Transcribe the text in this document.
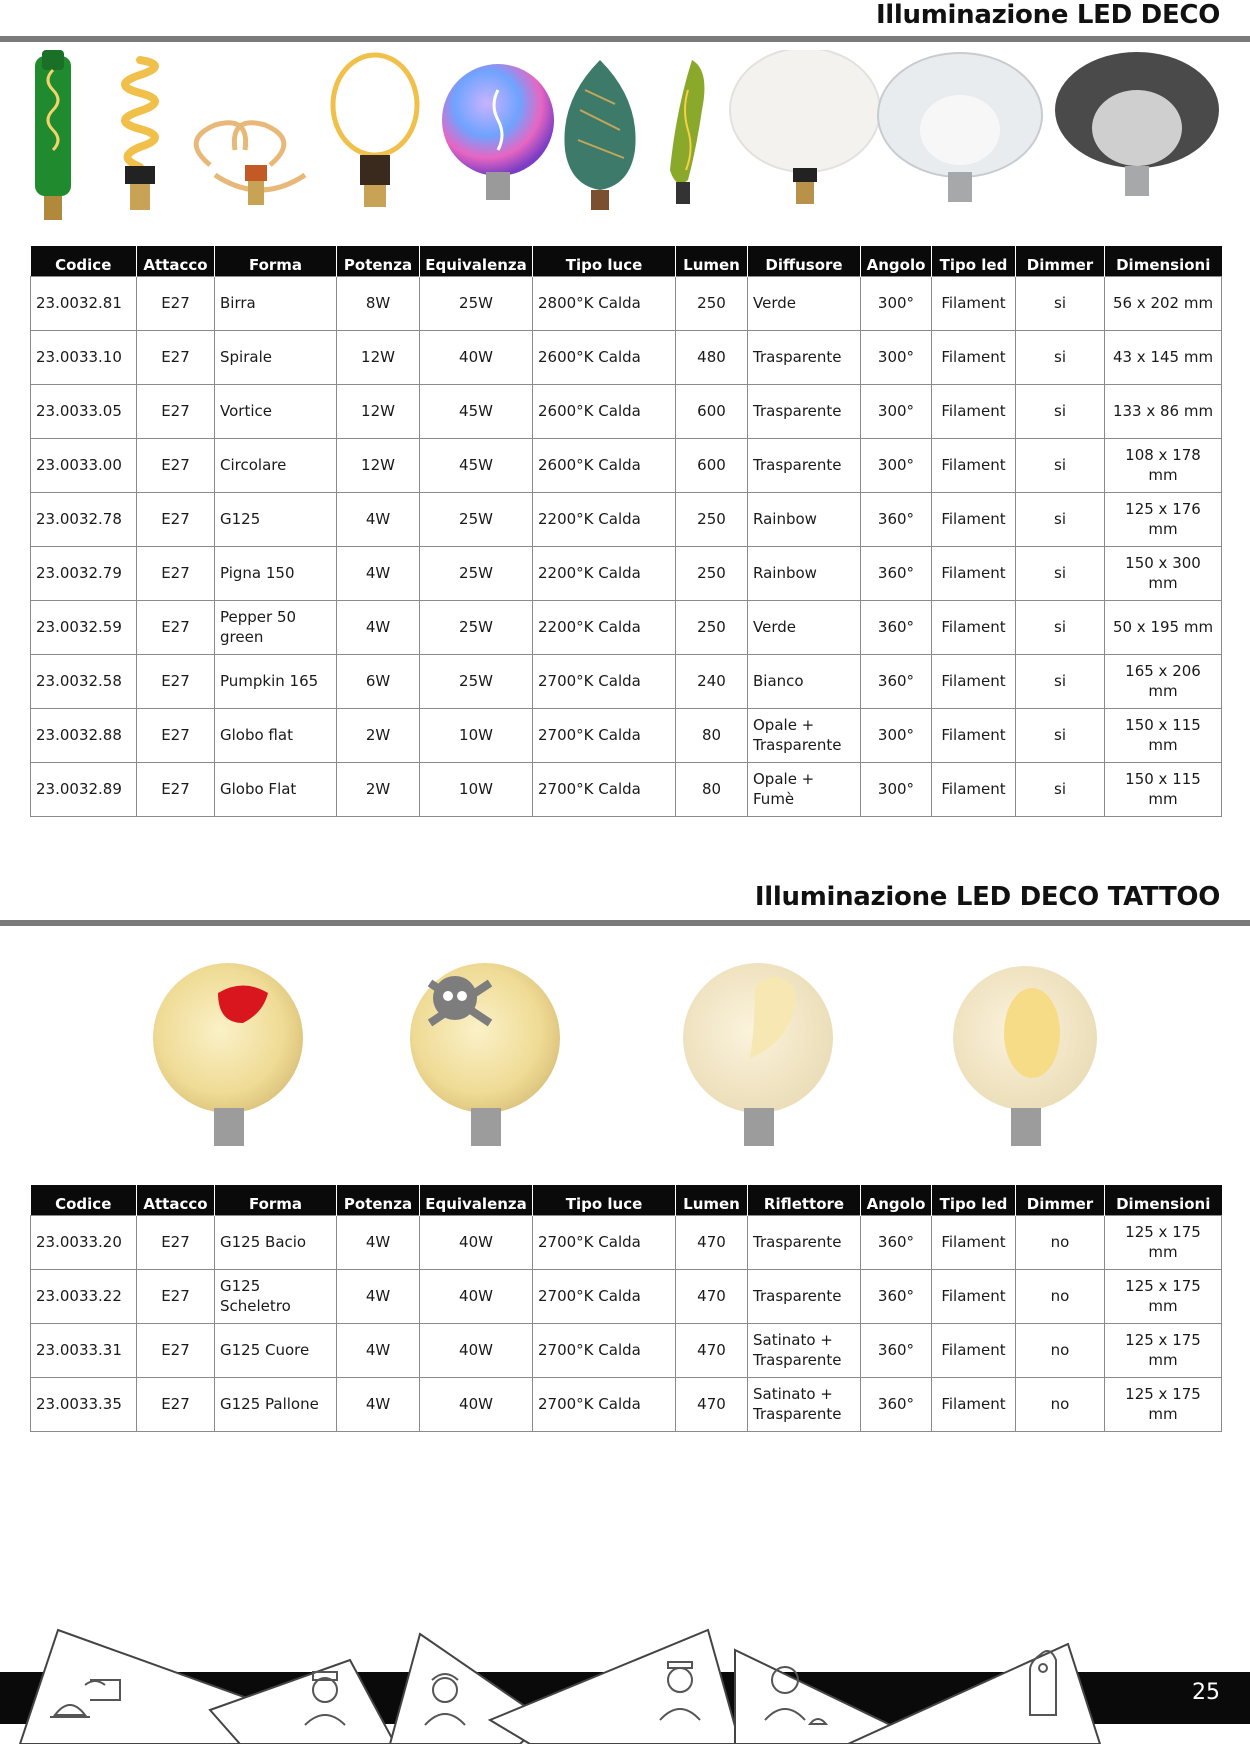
Illuminazione LED DECO
Codice	Attacco	Forma	Potenza	Equivalenza	Tipo luce	Lumen	Diffusore	Angolo	Tipo led	Dimmer	Dimensioni
23.0032.81	E27	Birra	8W	25W	2800°K Calda	250	Verde	300°	Filament	si	56 x 202 mm
23.0033.10	E27	Spirale	12W	40W	2600°K Calda	480	Trasparente	300°	Filament	si	43 x 145 mm
23.0033.05	E27	Vortice	12W	45W	2600°K Calda	600	Trasparente	300°	Filament	si	133 x 86 mm
23.0033.00	E27	Circolare	12W	45W	2600°K Calda	600	Trasparente	300°	Filament	si	108 x 178 mm
23.0032.78	E27	G125	4W	25W	2200°K Calda	250	Rainbow	360°	Filament	si	125 x 176 mm
23.0032.79	E27	Pigna 150	4W	25W	2200°K Calda	250	Rainbow	360°	Filament	si	150 x 300 mm
23.0032.59	E27	Pepper 50 green	4W	25W	2200°K Calda	250	Verde	360°	Filament	si	50 x 195 mm
23.0032.58	E27	Pumpkin 165	6W	25W	2700°K Calda	240	Bianco	360°	Filament	si	165 x 206 mm
23.0032.88	E27	Globo flat	2W	10W	2700°K Calda	80	Opale + Trasparente	300°	Filament	si	150 x 115 mm
23.0032.89	E27	Globo Flat	2W	10W	2700°K Calda	80	Opale + Fumè	300°	Filament	si	150 x 115 mm
Illuminazione LED DECO TATTOO
Codice	Attacco	Forma	Potenza	Equivalenza	Tipo luce	Lumen	Riflettore	Angolo	Tipo led	Dimmer	Dimensioni
23.0033.20	E27	G125 Bacio	4W	40W	2700°K Calda	470	Trasparente	360°	Filament	no	125 x 175 mm
23.0033.22	E27	G125 Scheletro	4W	40W	2700°K Calda	470	Trasparente	360°	Filament	no	125 x 175 mm
23.0033.31	E27	G125 Cuore	4W	40W	2700°K Calda	470	Satinato + Trasparente	360°	Filament	no	125 x 175 mm
23.0033.35	E27	G125 Pallone	4W	40W	2700°K Calda	470	Satinato + Trasparente	360°	Filament	no	125 x 175 mm
25
